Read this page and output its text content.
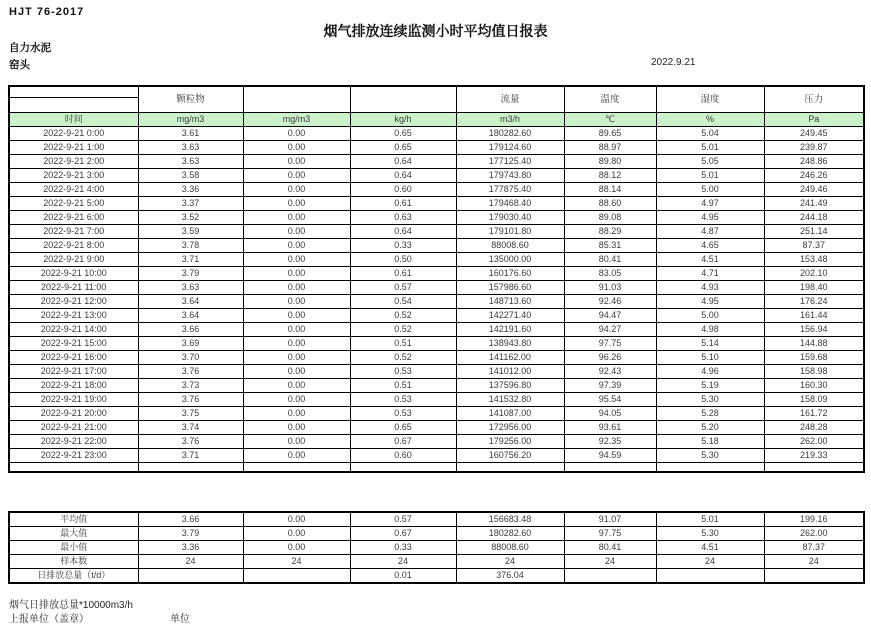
HJT 76-2017
烟气排放连续监测小时平均值日报表
自力水泥
窑头	2022.9.21
	颗粒物			流量	温度	湿度	压力
时间	mg/m3	mg/m3	kg/h	m3/h	℃	%	Pa
2022-9-21 0:00	3.61	0.00	0.65	180282.60	89.65	5.04	249.45
2022-9-21 1:00	3.63	0.00	0.65	179124.60	88.97	5.01	239.87
2022-9-21 2:00	3.63	0.00	0.64	177125.40	89.80	5.05	248.86
2022-9-21 3:00	3.58	0.00	0.64	179743.80	88.12	5.01	246.26
2022-9-21 4:00	3.36	0.00	0.60	177875.40	88.14	5.00	249.46
2022-9-21 5:00	3.37	0.00	0.61	179468.40	88.60	4.97	241.49
2022-9-21 6:00	3.52	0.00	0.63	179030.40	89.08	4.95	244.18
2022-9-21 7:00	3.59	0.00	0.64	179101.80	88.29	4.87	251.14
2022-9-21 8:00	3.78	0.00	0.33	88008.60	85.31	4.65	87.37
2022-9-21 9:00	3.71	0.00	0.50	135000.00	80.41	4.51	153.48
2022-9-21 10:00	3.79	0.00	0.61	160176.60	83.05	4.71	202.10
2022-9-21 11:00	3.63	0.00	0.57	157986.60	91.03	4.93	198.40
2022-9-21 12:00	3.64	0.00	0.54	148713.60	92.46	4.95	176.24
2022-9-21 13:00	3.64	0.00	0.52	142271.40	94.47	5.00	161.44
2022-9-21 14:00	3.66	0.00	0.52	142191.60	94.27	4.98	156.94
2022-9-21 15:00	3.69	0.00	0.51	138943.80	97.75	5.14	144.88
2022-9-21 16:00	3.70	0.00	0.52	141162.00	96.26	5.10	159.68
2022-9-21 17:00	3.76	0.00	0.53	141012.00	92.43	4.96	158.98
2022-9-21 18:00	3.73	0.00	0.51	137596.80	97.39	5.19	160.30
2022-9-21 19:00	3.76	0.00	0.53	141532.80	95.54	5.30	158.09
2022-9-21 20:00	3.75	0.00	0.53	141087.00	94.05	5.28	161.72
2022-9-21 21:00	3.74	0.00	0.65	172956.00	93.61	5.20	248.28
2022-9-21 22:00	3.76	0.00	0.67	179256.00	92.35	5.18	262.00
2022-9-21 23:00	3.71	0.00	0.60	160756.20	94.59	5.30	219.33

平均值	3.66	0.00	0.57	156683.48	91.07	5.01	199.16
最大值	3.79	0.00	0.67	180282.60	97.75	5.30	262.00
最小值	3.36	0.00	0.33	88008.60	80.41	4.51	87.37
样本数	24	24	24	24	24	24	24
日排放总量（t/d）			0.01	376.04			
烟气日排放总量*10000m3/h
上报单位（盖章）	单位
